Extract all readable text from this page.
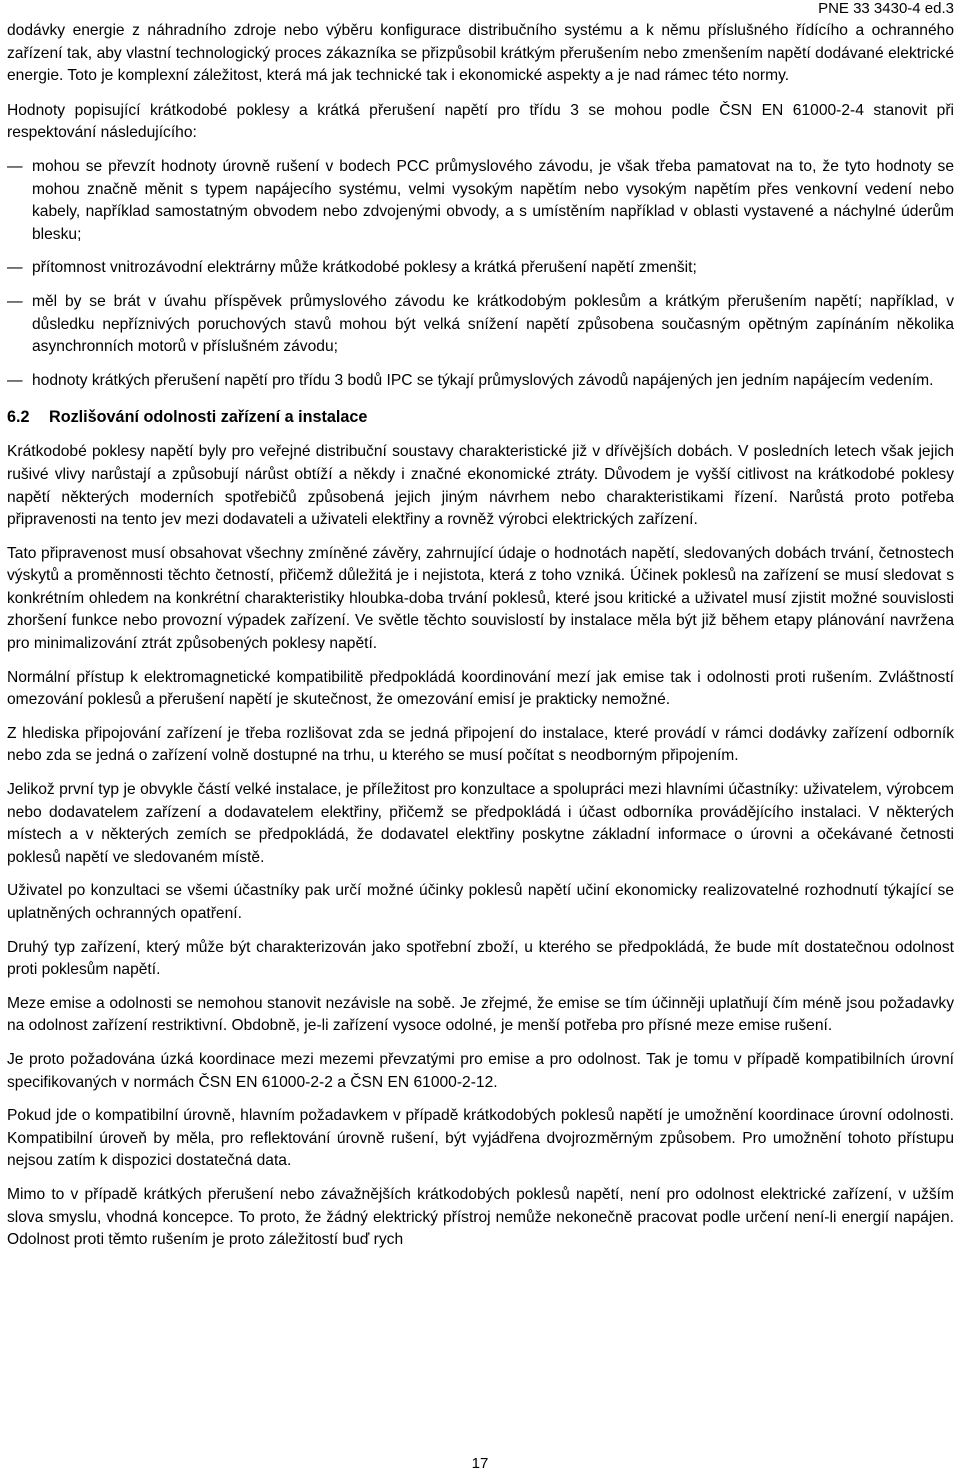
PNE 33 3430-4 ed.3

dodávky energie z náhradního zdroje nebo výběru konfigurace distribučního systému a k němu příslušného řídícího a ochranného zařízení tak, aby vlastní technologický proces zákazníka se přizpůsobil krátkým přerušením nebo zmenšením napětí dodávané elektrické energie. Toto je komplexní záležitost, která má jak technické tak i ekonomické aspekty a je nad rámec této normy.

Hodnoty popisující krátkodobé poklesy a krátká přerušení napětí pro třídu 3 se mohou podle ČSN EN 61000-2-4 stanovit při respektování následujícího:

— mohou se převzít hodnoty úrovně rušení v bodech PCC průmyslového závodu, je však třeba pamatovat na to, že tyto hodnoty se mohou značně měnit s typem napájecího systému, velmi vysokým napětím nebo vysokým napětím přes venkovní vedení nebo kabely, například samostatným obvodem nebo zdvojenými obvody, a s umístěním například v oblasti vystavené a náchylné úderům blesku;
— přítomnost vnitrozávodní elektrárny může krátkodobé poklesy a krátká přerušení napětí zmenšit;
— měl by se brát v úvahu příspěvek průmyslového závodu ke krátkodobým poklesům a krátkým přerušením napětí; například, v důsledku nepříznivých poruchových stavů mohou být velká snížení napětí způsobena současným opětným zapínáním několika asynchronních motorů v příslušném závodu;
— hodnoty krátkých přerušení napětí pro třídu 3 bodů IPC se týkají průmyslových závodů napájených jen jedním napájecím vedením.
6.2 Rozlišování odolnosti zařízení a instalace

Krátkodobé poklesy napětí byly pro veřejné distribuční soustavy charakteristické již v dřívějších dobách. V posledních letech však jejich rušivé vlivy narůstají a způsobují nárůst obtíží a někdy i značné ekonomické ztráty. Důvodem je vyšší citlivost na krátkodobé poklesy napětí některých moderních spotřebičů způsobená jejich jiným návrhem nebo charakteristikami řízení. Narůstá proto potřeba připravenosti na tento jev mezi dodavateli a uživateli elektřiny a rovněž výrobci elektrických zařízení.

Tato připravenost musí obsahovat všechny zmíněné závěry, zahrnující údaje o hodnotách napětí, sledovaných dobách trvání, četnostech výskytů a proměnnosti těchto četností, přičemž důležitá je i nejistota, která z toho vzniká. Účinek poklesů na zařízení se musí sledovat s konkrétním ohledem na konkrétní charakteristiky hloubka-doba trvání poklesů, které jsou kritické a uživatel musí zjistit možné souvislosti zhoršení funkce nebo provozní výpadek zařízení. Ve světle těchto souvislostí by instalace měla být již během etapy plánování navržena pro minimalizování ztrát způsobených poklesy napětí.

Normální přístup k elektromagnetické kompatibilitě předpokládá koordinování mezí jak emise tak i odolnosti proti rušením. Zvláštností omezování poklesů a přerušení napětí je skutečnost, že omezování emisí je prakticky nemožné.

Z hlediska připojování zařízení je třeba rozlišovat zda se jedná připojení do instalace, které provádí v rámci dodávky zařízení odborník nebo zda se jedná o zařízení volně dostupné na trhu, u kterého se musí počítat s neodborným připojením.

Jelikož první typ je obvykle částí velké instalace, je příležitost pro konzultace a spolupráci mezi hlavními účastníky: uživatelem, výrobcem nebo dodavatelem zařízení a dodavatelem elektřiny, přičemž se předpokládá i účast odborníka provádějícího instalaci. V některých místech a v některých zemích se předpokládá, že dodavatel elektřiny poskytne základní informace o úrovni a očekávané četnosti poklesů napětí ve sledovaném místě.

Uživatel po konzultaci se všemi účastníky pak určí možné účinky poklesů napětí učiní ekonomicky realizovatelné rozhodnutí týkající se uplatněných ochranných opatření.

Druhý typ zařízení, který může být charakterizován jako spotřební zboží, u kterého se předpokládá, že bude mít dostatečnou odolnost proti poklesům napětí.

Meze emise a odolnosti se nemohou stanovit nezávisle na sobě. Je zřejmé, že emise se tím účinněji uplatňují čím méně jsou požadavky na odolnost zařízení restriktivní. Obdobně, je-li zařízení vysoce odolné, je menší potřeba pro přísné meze emise rušení.

Je proto požadována úzká koordinace mezi mezemi převzatými pro emise a pro odolnost. Tak je tomu v případě kompatibilních úrovní specifikovaných v normách ČSN EN 61000-2-2 a ČSN EN 61000-2-12.

Pokud jde o kompatibilní úrovně, hlavním požadavkem v případě krátkodobých poklesů napětí je umožnění koordinace úrovní odolnosti. Kompatibilní úroveň by měla, pro reflektování úrovně rušení, být vyjádřena dvojrozměrným způsobem. Pro umožnění tohoto přístupu nejsou zatím k dispozici dostatečná data.

Mimo to v případě krátkých přerušení nebo závažnějších krátkodobých poklesů napětí, není pro odolnost elektrické zařízení, v užším slova smyslu, vhodná koncepce. To proto, že žádný elektrický přístroj nemůže nekonečně pracovat podle určení není-li energií napájen. Odolnost proti těmto rušením je proto záležitostí buď rych

17
